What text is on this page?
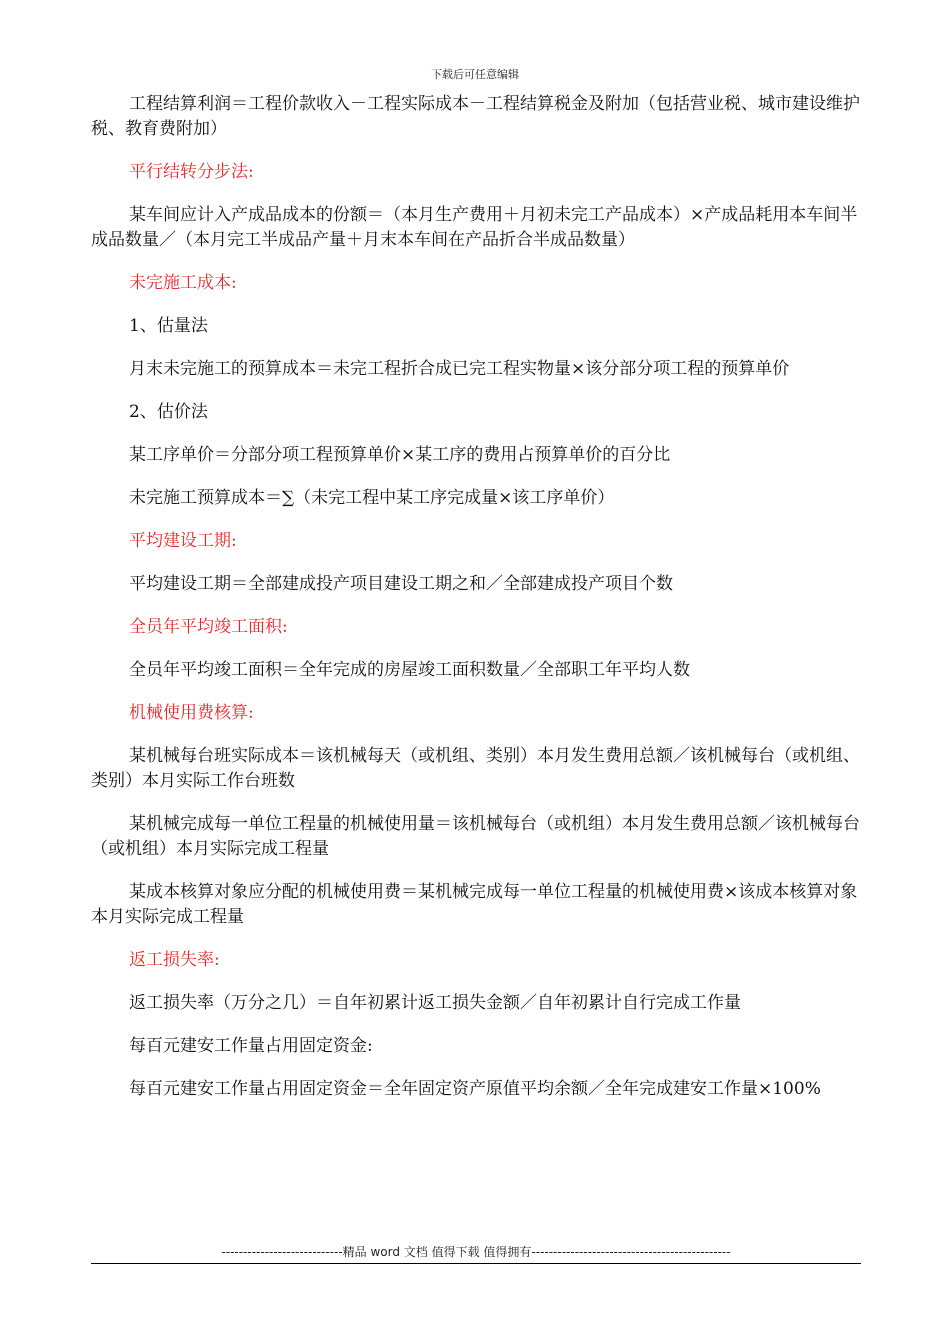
下载后可任意编辑

工程结算利润＝工程价款收入－工程实际成本－工程结算税金及附加（包括营业税、城市建设维护税、教育费附加）

平行结转分步法:

某车间应计入产成品成本的份额＝（本月生产费用＋月初未完工产品成本）×产成品耗用本车间半成品数量／（本月完工半成品产量＋月末本车间在产品折合半成品数量）

未完施工成本:

1、估量法

月末未完施工的预算成本＝未完工程折合成已完工程实物量×该分部分项工程的预算单价

2、估价法

某工序单价＝分部分项工程预算单价×某工序的费用占预算单价的百分比

未完施工预算成本＝∑（未完工程中某工序完成量×该工序单价）

平均建设工期:

平均建设工期＝全部建成投产项目建设工期之和／全部建成投产项目个数

全员年平均竣工面积:

全员年平均竣工面积＝全年完成的房屋竣工面积数量／全部职工年平均人数

机械使用费核算:

某机械每台班实际成本＝该机械每天（或机组、类别）本月发生费用总额／该机械每台（或机组、类别）本月实际工作台班数

某机械完成每一单位工程量的机械使用量＝该机械每台（或机组）本月发生费用总额／该机械每台（或机组）本月实际完成工程量

某成本核算对象应分配的机械使用费＝某机械完成每一单位工程量的机械使用费×该成本核算对象本月实际完成工程量

返工损失率:

返工损失率（万分之几）＝自年初累计返工损失金额／自年初累计自行完成工作量

每百元建安工作量占用固定资金:

每百元建安工作量占用固定资金＝全年固定资产原值平均余额／全年完成建安工作量×100%

----------------------------精品 word 文档 值得下载 值得拥有----------------------------------------------
